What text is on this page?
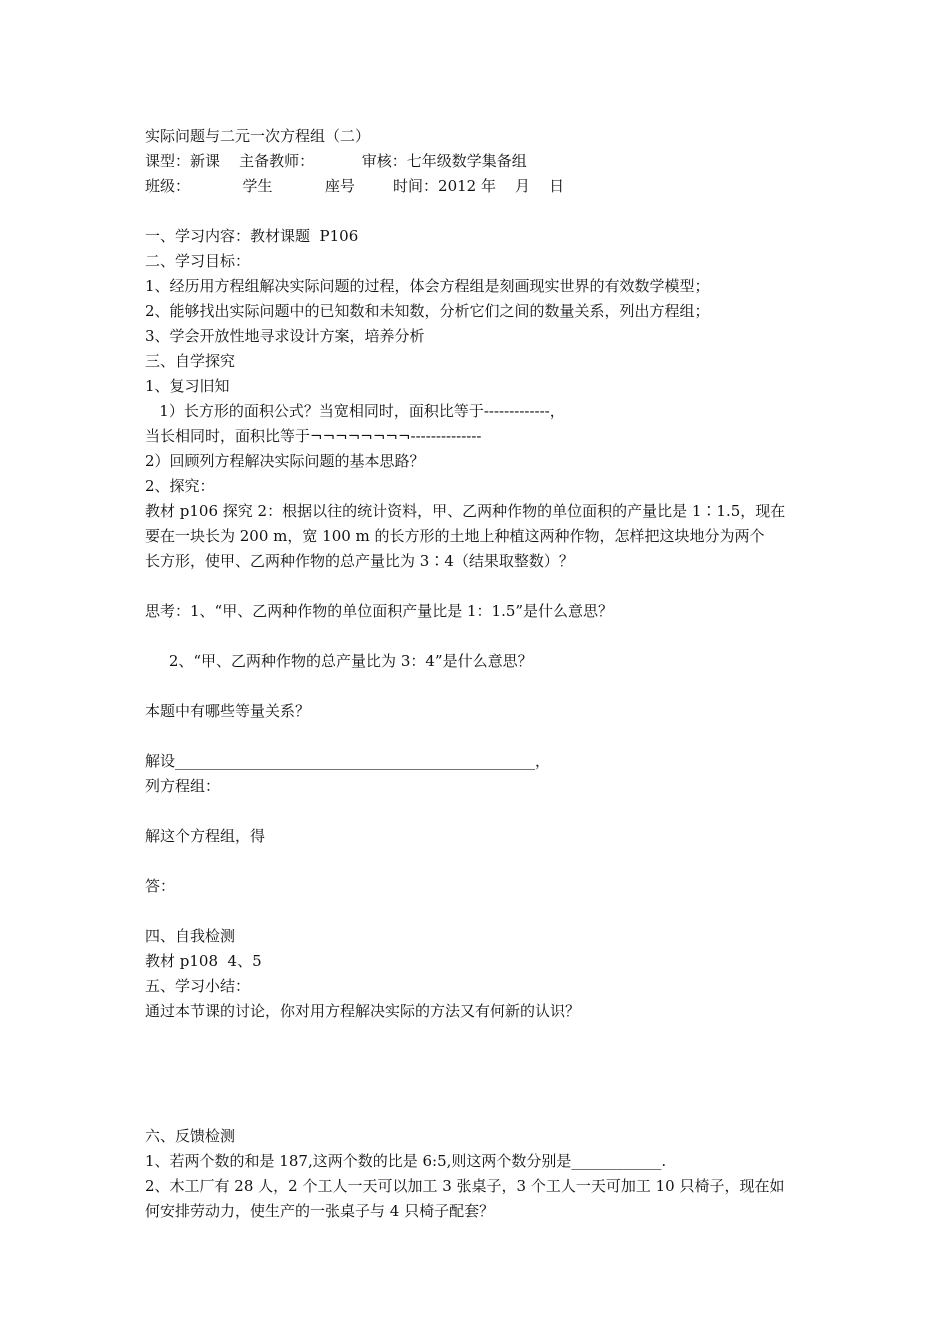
实际问题与二元一次方程组（二）
课型：新课    主备教师：          审核：七年级数学集备组
班级：           学生           座号        时间：2012 年    月    日
一、学习内容：教材课题  P106
二、学习目标：
1、经历用方程组解决实际问题的过程，体会方程组是刻画现实世界的有效数学模型；
2、能够找出实际问题中的已知数和未知数，分析它们之间的数量关系，列出方程组；
3、学会开放性地寻求设计方案，培养分析
三、自学探究
1、复习旧知
1）长方形的面积公式？当宽相同时，面积比等于-------------，
当长相同时，面积比等于¬¬¬¬¬¬¬¬--------------
2）回顾列方程解决实际问题的基本思路？
2、探究：
教材 p106 探究 2：根据以往的统计资料，甲、乙两种作物的单位面积的产量比是 1∶1.5，现在
要在一块长为 200 m，宽 100 m 的长方形的土地上种植这两种作物，怎样把这块地分为两个
长方形，使甲、乙两种作物的总产量比为 3∶4（结果取整数）？
思考：1、“甲、乙两种作物的单位面积产量比是 1：1.5”是什么意思？
2、“甲、乙两种作物的总产量比为 3：4”是什么意思？
本题中有哪些等量关系？
解设________________________________________________，
列方程组：
解这个方程组，得
答：
四、自我检测
教材 p108  4、5
五、学习小结：
通过本节课的讨论，你对用方程解决实际的方法又有何新的认识？
六、反馈检测
1、若两个数的和是 187,这两个数的比是 6:5,则这两个数分别是____________.
2、木工厂有 28 人，2 个工人一天可以加工 3 张桌子，3 个工人一天可加工 10 只椅子，现在如
何安排劳动力，使生产的一张桌子与 4 只椅子配套？
